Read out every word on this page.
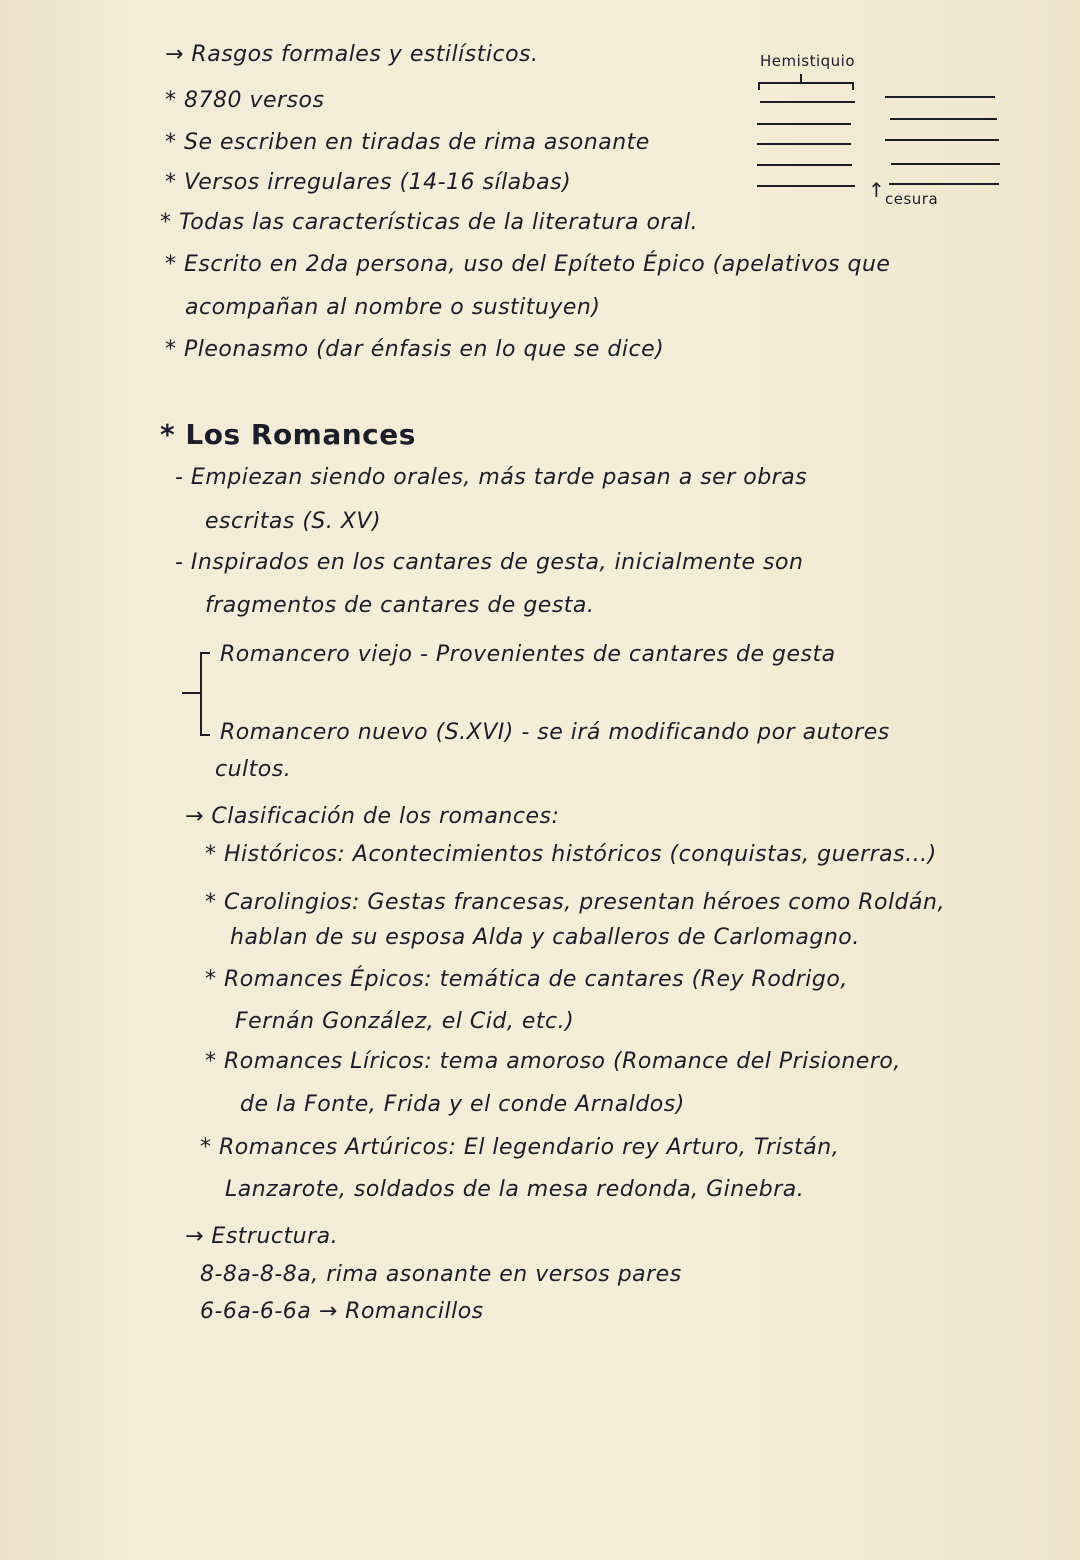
→ Rasgos formales y estilísticos.
* 8780 versos
* Se escriben en tiradas de rima asonante
* Versos irregulares (14-16 sílabas)
* Todas las características de la literatura oral.
* Escrito en 2da persona, uso del Epíteto Épico (apelativos que
acompañan al nombre o sustituyen)
* Pleonasmo (dar énfasis en lo que se dice)
* Los Romances
- Empiezan siendo orales, más tarde pasan a ser obras
escritas (S. XV)
- Inspirados en los cantares de gesta, inicialmente son
fragmentos de cantares de gesta.
Romancero viejo - Provenientes de cantares de gesta
Romancero nuevo (S.XVI) - se irá modificando por autores
cultos.
→ Clasificación de los romances:
* Históricos: Acontecimientos históricos (conquistas, guerras...)
* Carolingios: Gestas francesas, presentan héroes como Roldán,
hablan de su esposa Alda y caballeros de Carlomagno.
* Romances Épicos: temática de cantares (Rey Rodrigo,
Fernán González, el Cid, etc.)
* Romances Líricos: tema amoroso (Romance del Prisionero,
de la Fonte, Frida y el conde Arnaldos)
* Romances Artúricos: El legendario rey Arturo, Tristán,
Lanzarote, soldados de la mesa redonda, Ginebra.
→ Estructura.
8-8a-8-8a, rima asonante en versos pares
6-6a-6-6a → Romancillos
Hemistiquio
↑ cesura
